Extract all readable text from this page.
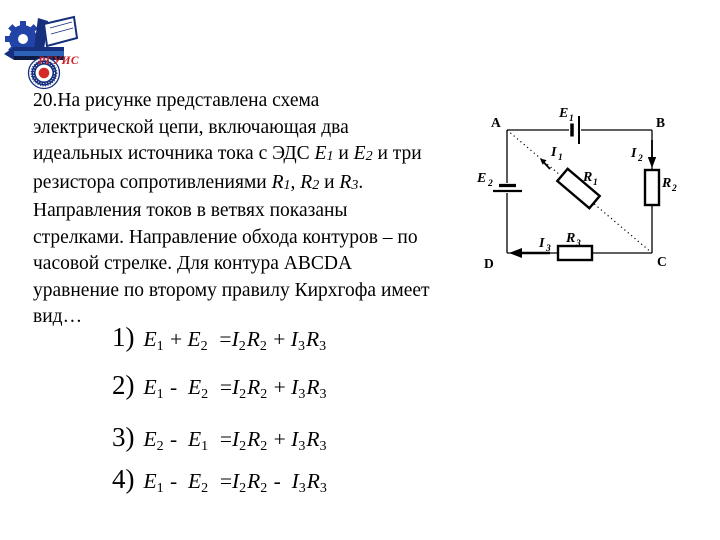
РГУИС
20.На рисунке представлена схема
электрической цепи, включающая два
идеальных источника тока с ЭДС E1 и E2 и три
резистора сопротивлениями R1, R2 и R3.
Направления токов в ветвях показаны
стрелками. Направление обхода контуров – по
часовой стрелке. Для контура ABCDA
уравнение по второму правилу Кирхгофа имеет
вид…
E 1
E 2	R 1	R 2
R 3
I 1	I 2
I 3
A	B
C
D
1) E1 + E2  =I2R2 + I3R3
2) E1 -  E2  =I2R2 + I3R3
3) E2 -  E1  =I2R2 + I3R3
4) E1 -  E2  =I2R2 -  I3R3
